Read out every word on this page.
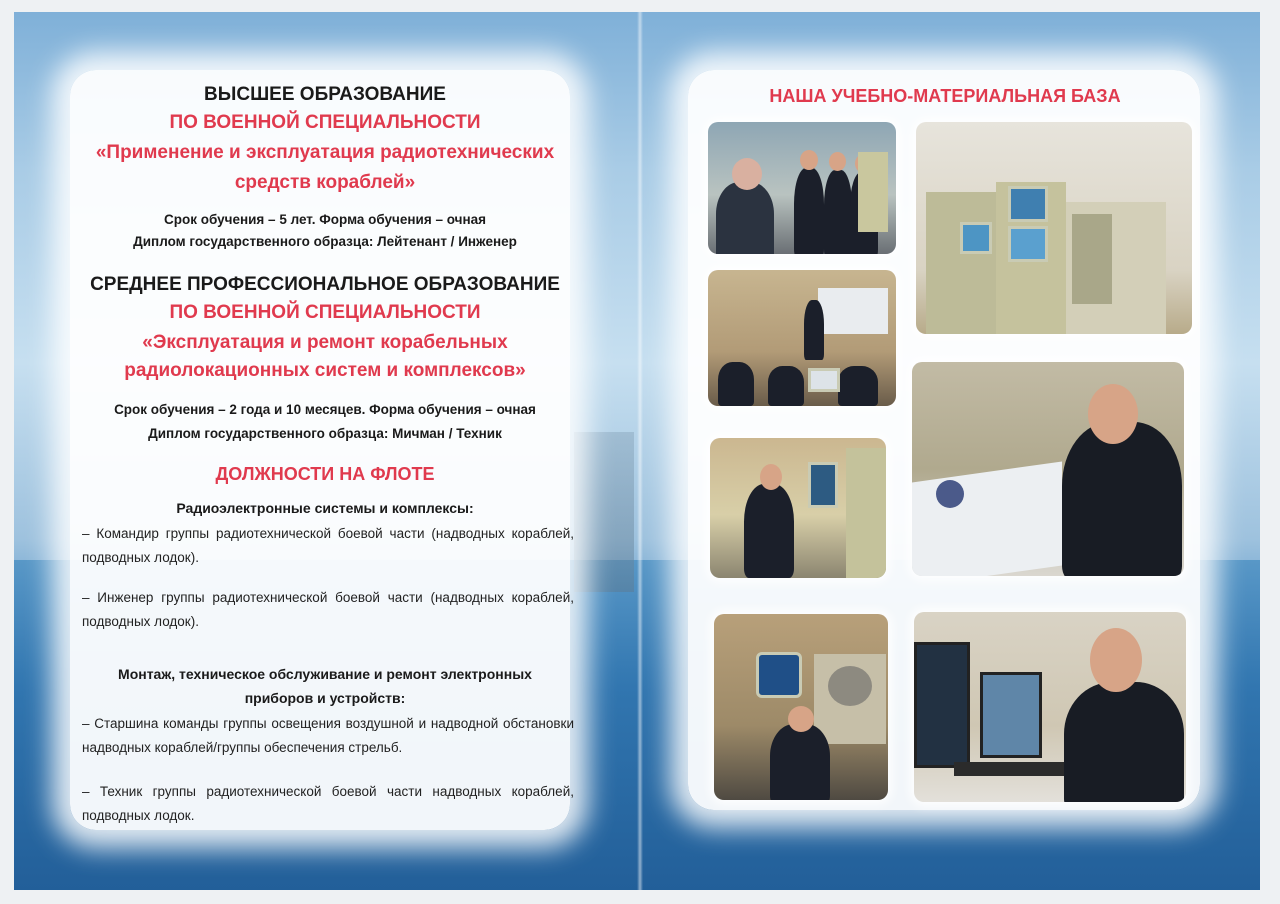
ВЫСШЕЕ ОБРАЗОВАНИЕ
ПО ВОЕННОЙ СПЕЦИАЛЬНОСТИ
«Применение и эксплуатация радиотехнических
средств кораблей»
Срок обучения – 5 лет. Форма обучения – очная
Диплом государственного образца: Лейтенант / Инженер
СРЕДНЕЕ ПРОФЕССИОНАЛЬНОЕ ОБРАЗОВАНИЕ
ПО ВОЕННОЙ СПЕЦИАЛЬНОСТИ
«Эксплуатация и ремонт корабельных
радиолокационных систем и комплексов»
Срок обучения – 2 года и 10 месяцев. Форма обучения – очная
Диплом государственного образца: Мичман / Техник
ДОЛЖНОСТИ НА ФЛОТЕ
Радиоэлектронные системы и комплексы:
– Командир группы радиотехнической боевой части (надводных кораблей, подводных лодок).
– Инженер группы радиотехнической боевой части (надводных кораблей, подводных лодок).
Монтаж, техническое обслуживание и ремонт электронных
приборов и устройств:
– Старшина команды группы освещения воздушной и надводной обстановки надводных кораблей/группы обеспечения стрельб.
– Техник группы радиотехнической боевой части надводных кораблей, подводных лодок.
НАША УЧЕБНО-МАТЕРИАЛЬНАЯ БАЗА
